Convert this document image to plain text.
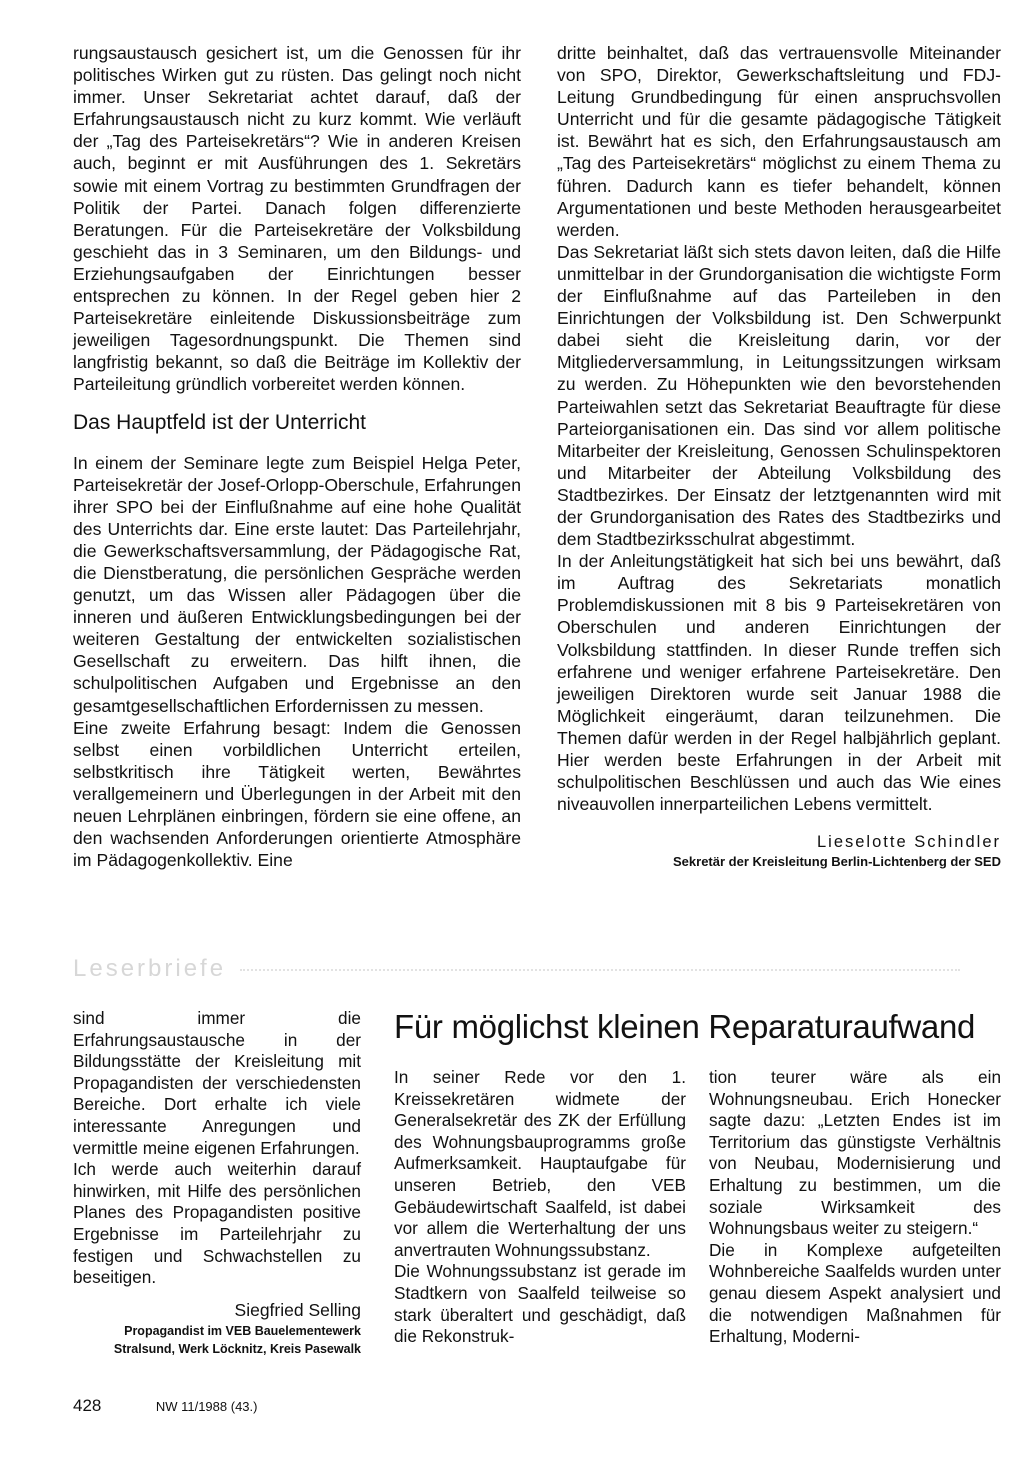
rungsaustausch gesichert ist, um die Genossen für ihr politisches Wirken gut zu rüsten. Das gelingt noch nicht immer. Unser Sekretariat achtet darauf, daß der Erfahrungsaustausch nicht zu kurz kommt. Wie verläuft der „Tag des Parteisekretärs“? Wie in anderen Kreisen auch, beginnt er mit Ausführungen des 1. Sekretärs sowie mit einem Vortrag zu bestimmten Grundfragen der Politik der Partei. Danach folgen differenzierte Beratungen. Für die Parteisekretäre der Volksbildung geschieht das in 3 Seminaren, um den Bildungs- und Erziehungsaufgaben der Einrichtungen besser entsprechen zu können. In der Regel geben hier 2 Parteisekretäre einleitende Diskussionsbeiträge zum jeweiligen Tagesordnungspunkt. Die Themen sind langfristig bekannt, so daß die Beiträge im Kollektiv der Parteileitung gründlich vorbereitet werden können.

Das Hauptfeld ist der Unterricht

In einem der Seminare legte zum Beispiel Helga Peter, Parteisekretär der Josef-Orlopp-Oberschule, Erfahrungen ihrer SPO bei der Einflußnahme auf eine hohe Qualität des Unterrichts dar. Eine erste lautet: Das Parteilehrjahr, die Gewerkschaftsversammlung, der Pädagogische Rat, die Dienstberatung, die persönlichen Gespräche werden genutzt, um das Wissen aller Pädagogen über die inneren und äußeren Entwicklungsbedingungen bei der weiteren Gestaltung der entwickelten sozialistischen Gesellschaft zu erweitern. Das hilft ihnen, die schulpolitischen Aufgaben und Ergebnisse an den gesamtgesellschaftlichen Erfordernissen zu messen.

Eine zweite Erfahrung besagt: Indem die Genossen selbst einen vorbildlichen Unterricht erteilen, selbstkritisch ihre Tätigkeit werten, Bewährtes verallgemeinern und Überlegungen in der Arbeit mit den neuen Lehrplänen einbringen, fördern sie eine offene, an den wachsenden Anforderungen orientierte Atmosphäre im Pädagogenkollektiv. Eine

dritte beinhaltet, daß das vertrauensvolle Miteinander von SPO, Direktor, Gewerkschaftsleitung und FDJ-Leitung Grundbedingung für einen anspruchsvollen Unterricht und für die gesamte pädagogische Tätigkeit ist. Bewährt hat es sich, den Erfahrungsaustausch am „Tag des Parteisekretärs“ möglichst zu einem Thema zu führen. Dadurch kann es tiefer behandelt, können Argumentationen und beste Methoden herausgearbeitet werden.

Das Sekretariat läßt sich stets davon leiten, daß die Hilfe unmittelbar in der Grundorganisation die wichtigste Form der Einflußnahme auf das Parteileben in den Einrichtungen der Volksbildung ist. Den Schwerpunkt dabei sieht die Kreisleitung darin, vor der Mitgliederversammlung, in Leitungssitzungen wirksam zu werden. Zu Höhepunkten wie den bevorstehenden Parteiwahlen setzt das Sekretariat Beauftragte für diese Parteiorganisationen ein. Das sind vor allem politische Mitarbeiter der Kreisleitung, Genossen Schulinspektoren und Mitarbeiter der Abteilung Volksbildung des Stadtbezirkes. Der Einsatz der letztgenannten wird mit der Grundorganisation des Rates des Stadtbezirks und dem Stadtbezirksschulrat abgestimmt.

In der Anleitungstätigkeit hat sich bei uns bewährt, daß im Auftrag des Sekretariats monatlich Problemdiskussionen mit 8 bis 9 Parteisekretären von Oberschulen und anderen Einrichtungen der Volksbildung stattfinden. In dieser Runde treffen sich erfahrene und weniger erfahrene Parteisekretäre. Den jeweiligen Direktoren wurde seit Januar 1988 die Möglichkeit eingeräumt, daran teilzunehmen. Die Themen dafür werden in der Regel halbjährlich geplant. Hier werden beste Erfahrungen in der Arbeit mit schulpolitischen Beschlüssen und auch das Wie eines niveauvollen innerparteilichen Lebens vermittelt.

Lieselotte Schindler
Sekretär der Kreisleitung Berlin-Lichtenberg der SED
Leserbriefe

sind immer die Erfahrungsaustausche in der Bildungsstätte der Kreisleitung mit Propagandisten der verschiedensten Bereiche. Dort erhalte ich viele interessante Anregungen und vermittle meine eigenen Erfahrungen.

Ich werde auch weiterhin darauf hinwirken, mit Hilfe des persönlichen Planes des Propagandisten positive Ergebnisse im Parteilehrjahr zu festigen und Schwachstellen zu beseitigen.

Siegfried Selling
Propagandist im VEB Bauelementewerk
Stralsund, Werk Löcknitz, Kreis Pasewalk
Für möglichst kleinen Reparaturaufwand

In seiner Rede vor den 1. Kreissekretären widmete der Generalsekretär des ZK der Erfüllung des Wohnungsbauprogramms große Aufmerksamkeit. Hauptaufgabe für unseren Betrieb, den VEB Gebäudewirtschaft Saalfeld, ist dabei vor allem die Werterhaltung der uns anvertrauten Wohnungssubstanz.

Die Wohnungssubstanz ist gerade im Stadtkern von Saalfeld teilweise so stark überaltert und geschädigt, daß die Rekonstruk-

tion teurer wäre als ein Wohnungsneubau. Erich Honecker sagte dazu: „Letzten Endes ist im Territorium das günstigste Verhältnis von Neubau, Modernisierung und Erhaltung zu bestimmen, um die soziale Wirksamkeit des Wohnungsbaus weiter zu steigern.“

Die in Komplexe aufgeteilten Wohnbereiche Saalfelds wurden unter genau diesem Aspekt analysiert und die notwendigen Maßnahmen für Erhaltung, Moderni-

428	NW 11/1988 (43.)
